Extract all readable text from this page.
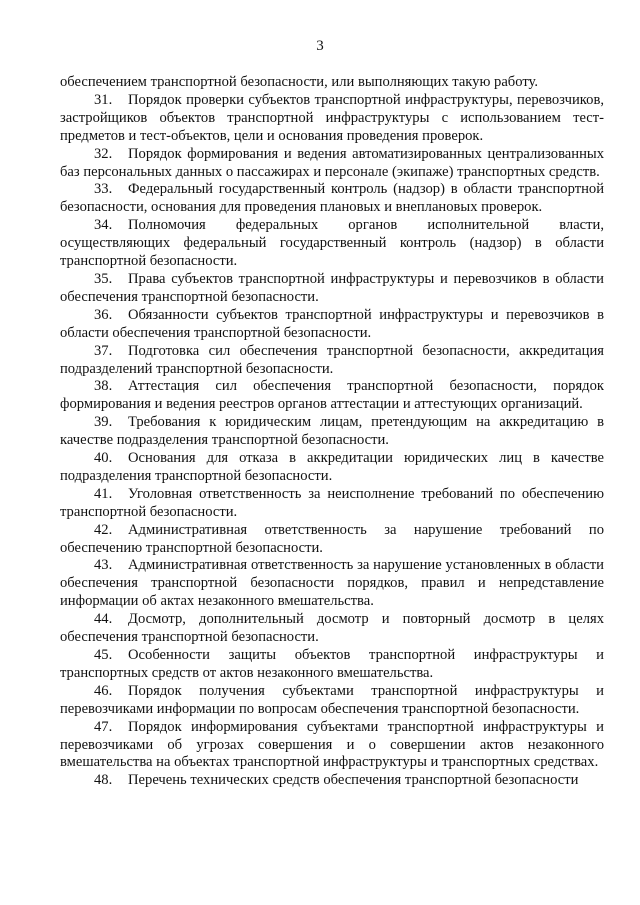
3

обеспечением транспортной безопасности, или выполняющих такую работу.

31. Порядок проверки субъектов транспортной инфраструктуры, перевозчиков, застройщиков объектов транспортной инфраструктуры с использованием тест-предметов и тест-объектов, цели и основания проведения проверок.

32. Порядок формирования и ведения автоматизированных централизованных баз персональных данных о пассажирах и персонале (экипаже) транспортных средств.

33. Федеральный государственный контроль (надзор) в области транспортной безопасности, основания для проведения плановых и внеплановых проверок.

34. Полномочия федеральных органов исполнительной власти, осуществляющих федеральный государственный контроль (надзор) в области транспортной безопасности.

35. Права субъектов транспортной инфраструктуры и перевозчиков в области обеспечения транспортной безопасности.

36. Обязанности субъектов транспортной инфраструктуры и перевозчиков в области обеспечения транспортной безопасности.

37. Подготовка сил обеспечения транспортной безопасности, аккредитация подразделений транспортной безопасности.

38. Аттестация сил обеспечения транспортной безопасности, порядок формирования и ведения реестров органов аттестации и аттестующих организаций.

39. Требования к юридическим лицам, претендующим на аккредитацию в качестве подразделения транспортной безопасности.

40. Основания для отказа в аккредитации юридических лиц в качестве подразделения транспортной безопасности.

41. Уголовная ответственность за неисполнение требований по обеспечению транспортной безопасности.

42. Административная ответственность за нарушение требований по обеспечению транспортной безопасности.

43. Административная ответственность за нарушение установленных в области обеспечения транспортной безопасности порядков, правил и непредставление информации об актах незаконного вмешательства.

44. Досмотр, дополнительный досмотр и повторный досмотр в целях обеспечения транспортной безопасности.

45. Особенности защиты объектов транспортной инфраструктуры и транспортных средств от актов незаконного вмешательства.

46. Порядок получения субъектами транспортной инфраструктуры и перевозчиками информации по вопросам обеспечения транспортной безопасности.

47. Порядок информирования субъектами транспортной инфраструктуры и перевозчиками об угрозах совершения и о совершении актов незаконного вмешательства на объектах транспортной инфраструктуры и транспортных средствах.

48. Перечень технических средств обеспечения транспортной безопасности
